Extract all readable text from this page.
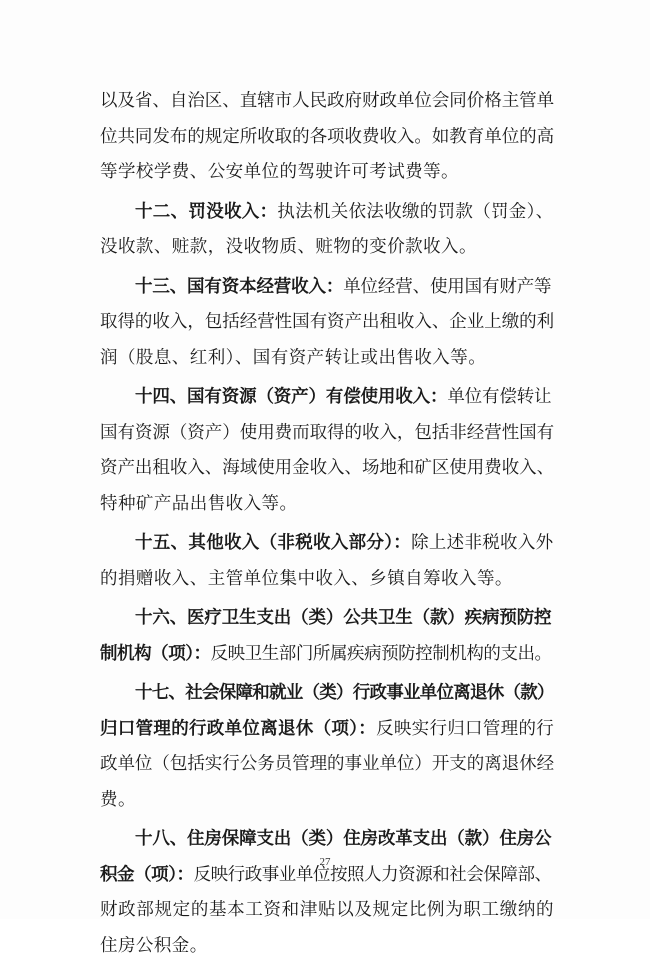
以及省、自治区、直辖市人民政府财政单位会同价格主管单
位共同发布的规定所收取的各项收费收入。如教育单位的高
等学校学费、公安单位的驾驶许可考试费等。
十二、罚没收入：执法机关依法收缴的罚款（罚金）、
没收款、赃款，没收物质、赃物的变价款收入。
十三、国有资本经营收入：单位经营、使用国有财产等
取得的收入，包括经营性国有资产出租收入、企业上缴的利
润（股息、红利）、国有资产转让或出售收入等。
十四、国有资源（资产）有偿使用收入：单位有偿转让
国有资源（资产）使用费而取得的收入，包括非经营性国有
资产出租收入、海域使用金收入、场地和矿区使用费收入、
特种矿产品出售收入等。
十五、其他收入（非税收入部分）：除上述非税收入外
的捐赠收入、主管单位集中收入、乡镇自筹收入等。
十六、医疗卫生支出（类）公共卫生（款）疾病预防控
制机构（项）：反映卫生部门所属疾病预防控制机构的支出。
十七、社会保障和就业（类）行政事业单位离退休（款）
归口管理的行政单位离退休（项）：反映实行归口管理的行
政单位（包括实行公务员管理的事业单位）开支的离退休经
费。
十八、住房保障支出（类）住房改革支出（款）住房公
积金（项）：反映行政事业单位按照人力资源和社会保障部、
财政部规定的基本工资和津贴以及规定比例为职工缴纳的
住房公积金。
27
